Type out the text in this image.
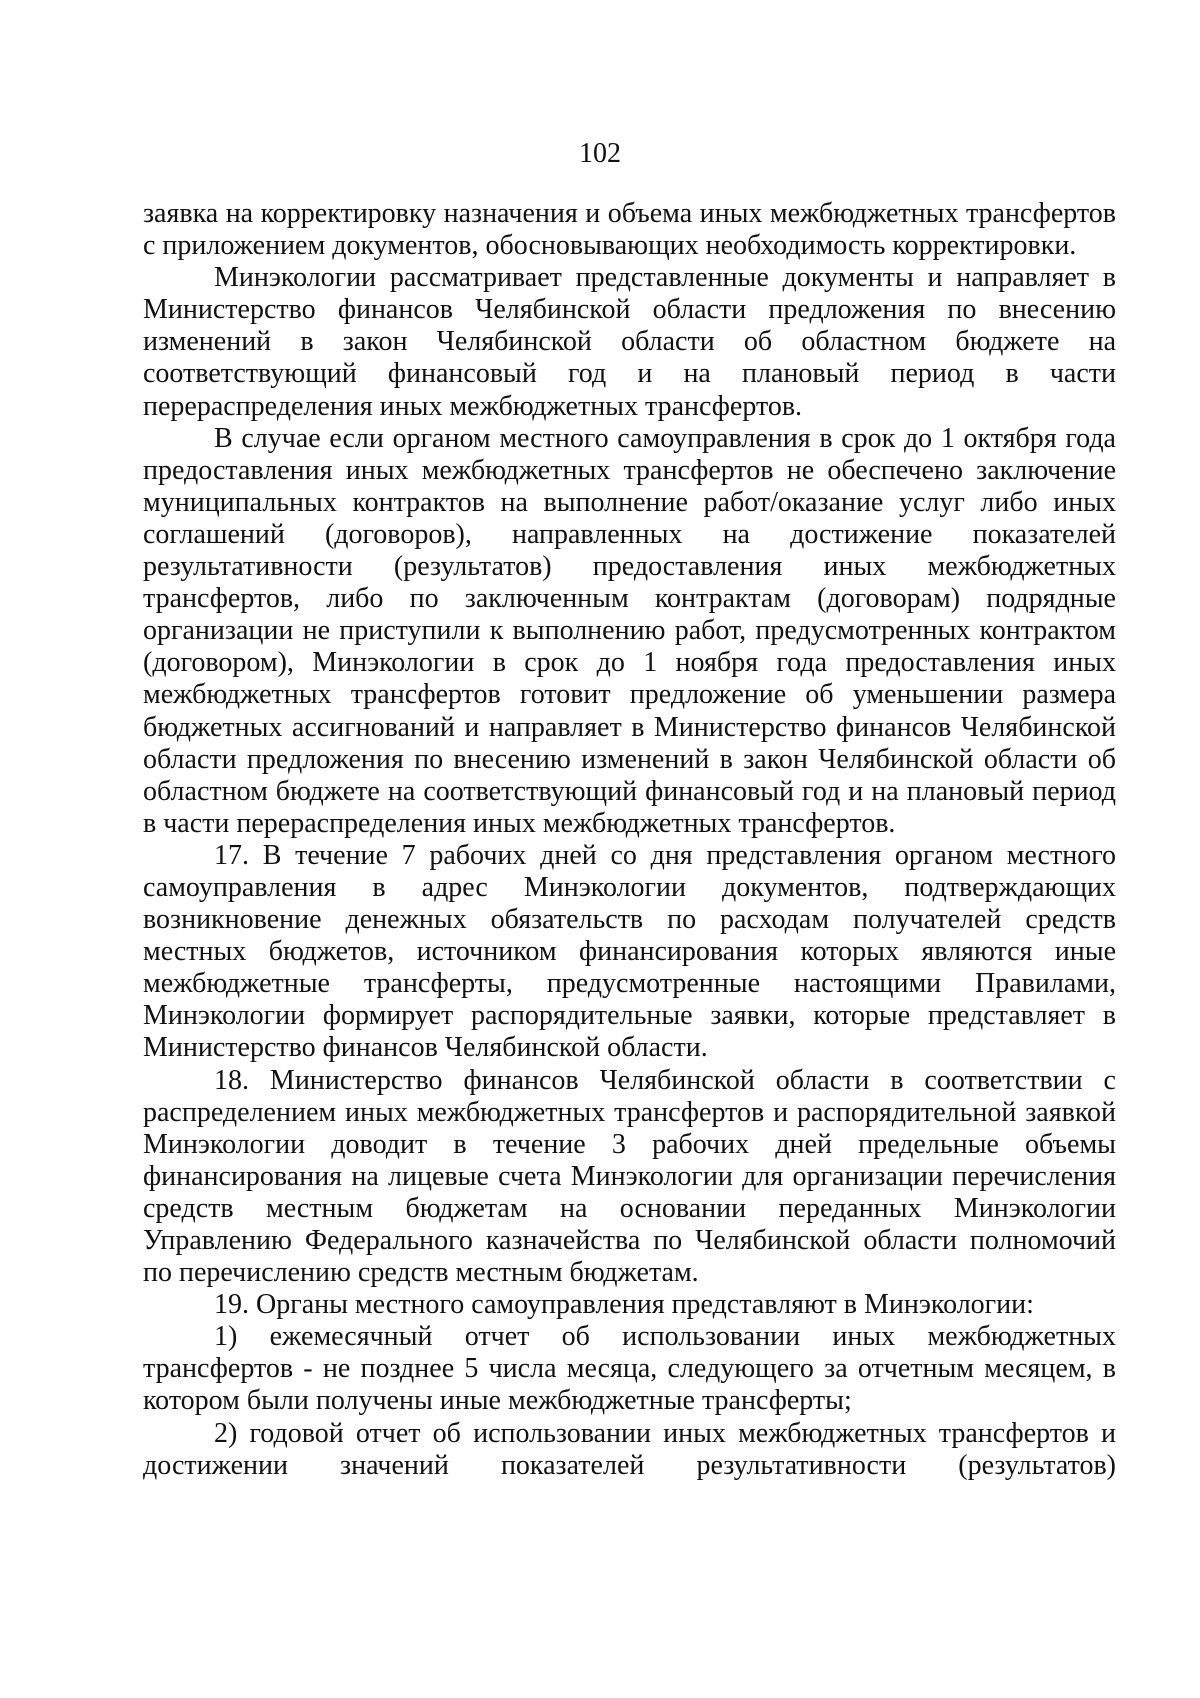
102

заявка на корректировку назначения и объема иных межбюджетных трансфертов с приложением документов, обосновывающих необходимость корректировки.

Минэкологии рассматривает представленные документы и направляет в Министерство финансов Челябинской области предложения по внесению изменений в закон Челябинской области об областном бюджете на соответствующий финансовый год и на плановый период в части перераспределения иных межбюджетных трансфертов.

В случае если органом местного самоуправления в срок до 1 октября года предоставления иных межбюджетных трансфертов не обеспечено заключение муниципальных контрактов на выполнение работ/оказание услуг либо иных соглашений (договоров), направленных на достижение показателей результативности (результатов) предоставления иных межбюджетных трансфертов, либо по заключенным контрактам (договорам) подрядные организации не приступили к выполнению работ, предусмотренных контрактом (договором), Минэкологии в срок до 1 ноября года предоставления иных межбюджетных трансфертов готовит предложение об уменьшении размера бюджетных ассигнований и направляет в Министерство финансов Челябинской области предложения по внесению изменений в закон Челябинской области об областном бюджете на соответствующий финансовый год и на плановый период в части перераспределения иных межбюджетных трансфертов.

17. В течение 7 рабочих дней со дня представления органом местного самоуправления в адрес Минэкологии документов, подтверждающих возникновение денежных обязательств по расходам получателей средств местных бюджетов, источником финансирования которых являются иные межбюджетные трансферты, предусмотренные настоящими Правилами, Минэкологии формирует распорядительные заявки, которые представляет в Министерство финансов Челябинской области.

18. Министерство финансов Челябинской области в соответствии с распределением иных межбюджетных трансфертов и распорядительной заявкой Минэкологии доводит в течение 3 рабочих дней предельные объемы финансирования на лицевые счета Минэкологии для организации перечисления средств местным бюджетам на основании переданных Минэкологии Управлению Федерального казначейства по Челябинской области полномочий по перечислению средств местным бюджетам.

19. Органы местного самоуправления представляют в Минэкологии:

1) ежемесячный отчет об использовании иных межбюджетных трансфертов - не позднее 5 числа месяца, следующего за отчетным месяцем, в котором были получены иные межбюджетные трансферты;

2) годовой отчет об использовании иных межбюджетных трансфертов и достижении значений показателей результативности (результатов)
